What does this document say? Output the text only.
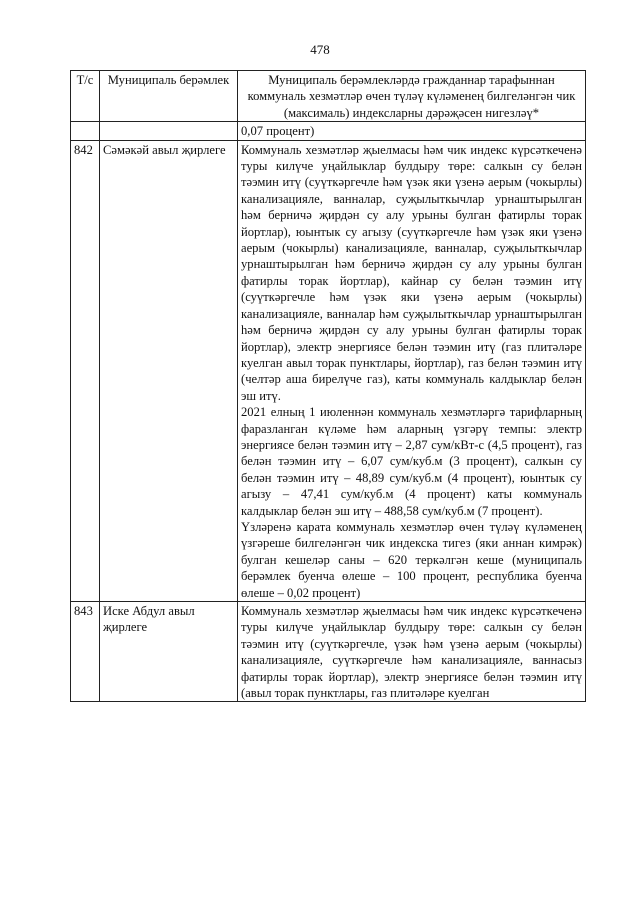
478
Т/с	Муниципаль берәмлек	Муниципаль берәмлекләрдә гражданнар тарафыннан коммуналь хезмәтләр өчен түләү күләменең билгеләнгән чик (максималь) индексларны дәрәҗәсен нигезләү*

		0,07 процент)

842	Сәмәкәй авыл җирлеге	Коммуналь хезмәтләр җыелмасы һәм чик индекс күрсәткеченә туры килүче уңайлыклар булдыру төре: салкын су белән тәэмин итү (суүткәргечле һәм үзәк яки үзенә аерым (чокырлы) канализацияле, ванналар, суҗылыткычлар урнаштырылган һәм берничә җирдән су алу урыны булган фатирлы торак йортлар), юынтык су агызу (суүткәргечле һәм үзәк яки үзенә аерым (чокырлы) канализацияле, ванналар, суҗылыткычлар урнаштырылган һәм берничә җирдән су алу урыны булган фатирлы торак йортлар), кайнар су белән тәэмин итү (суүткәргечле һәм үзәк яки үзенә аерым (чокырлы) канализацияле, ванналар һәм суҗылыткычлар урнаштырылган һәм берничә җирдән су алу урыны булган фатирлы торак йортлар), электр энергиясе белән тәэмин итү (газ плитәләре куелган авыл торак пунктлары, йортлар), газ белән тәэмин итү (челтәр аша бирелүче газ), каты коммуналь калдыклар белән эш итү.

2021 елның 1 июленнән коммуналь хезмәтләргә тарифларның фаразланган күләме һәм аларның үзгәрү темпы: электр энергиясе белән тәэмин итү – 2,87 сум/кВт-с (4,5 процент), газ белән тәэмин итү – 6,07 сум/куб.м (3 процент), салкын су белән тәэмин итү – 48,89 сум/куб.м (4 процент), юынтык су агызу – 47,41 сум/куб.м (4 процент) каты коммуналь калдыклар белән эш итү – 488,58 сум/куб.м (7 процент).

Үзләренә карата коммуналь хезмәтләр өчен түләү күләменең үзгәреше билгеләнгән чик индекска тигез (яки аннан кимрәк) булган кешеләр саны – 620 теркәлгән кеше (муниципаль берәмлек буенча өлеше – 100 процент, республика буенча өлеше – 0,02 процент)

843	Иске Абдул авыл җирлеге	Коммуналь хезмәтләр җыелмасы һәм чик индекс күрсәткеченә туры килүче уңайлыклар булдыру төре: салкын су белән тәэмин итү (суүткәргечле, үзәк һәм үзенә аерым (чокырлы) канализацияле, суүткәргечле һәм канализацияле, ваннасыз фатирлы торак йортлар), электр энергиясе белән тәэмин итү (авыл торак пунктлары, газ плитәләре куелган
